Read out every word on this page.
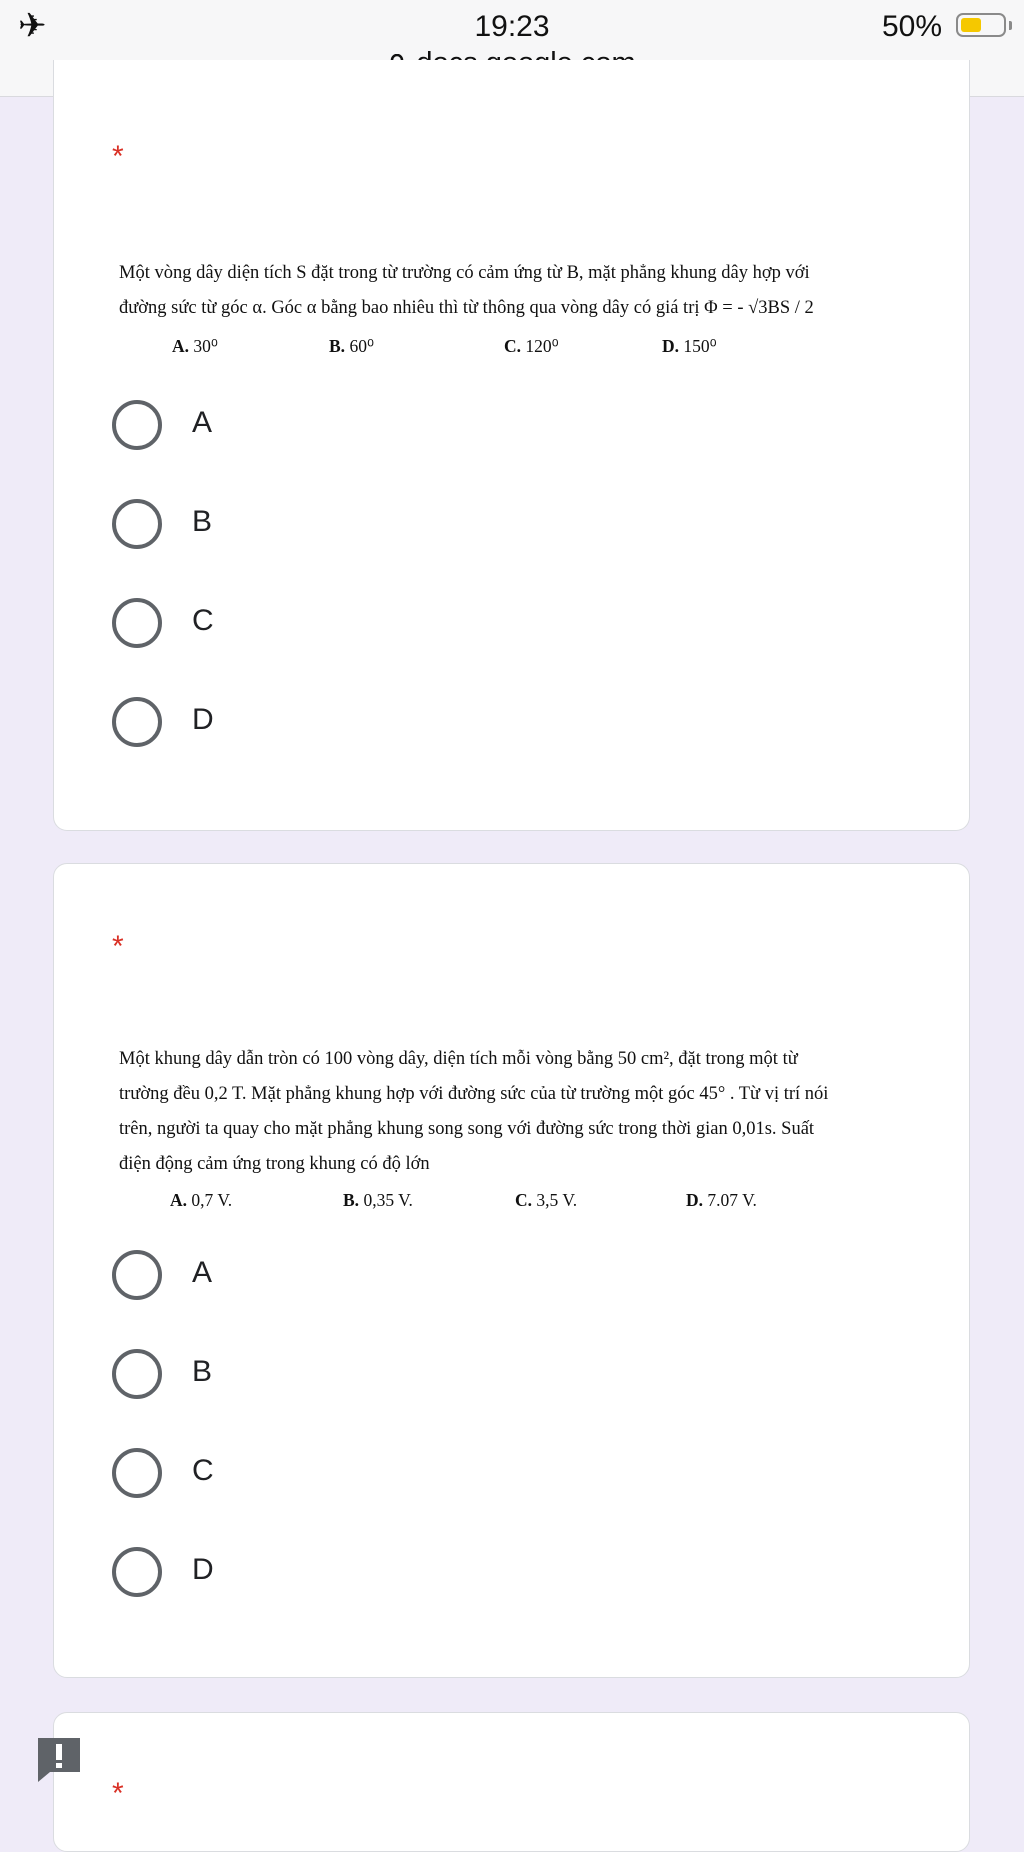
✈	19:23	50%
*
Một vòng dây diện tích S đặt trong từ trường có cảm ứng từ B, mặt phẳng khung dây hợp với
đường sức từ góc α. Góc α bằng bao nhiêu thì từ thông qua vòng dây có giá trị Φ = - √3BS / 2
A. 30⁰	B. 60⁰	C. 120⁰	D. 150⁰
A
B
C
D
*
Một khung dây dẫn tròn có 100 vòng dây, diện tích mỗi vòng bằng 50 cm², đặt trong một từ
trường đều 0,2 T. Mặt phẳng khung hợp với đường sức của từ trường một góc 45° . Từ vị trí nói
trên, người ta quay cho mặt phẳng khung song song với đường sức trong thời gian 0,01s. Suất
điện động cảm ứng trong khung có độ lớn
A. 0,7 V.	B. 0,35 V.	C. 3,5 V.	D. 7.07 V.
A
B
C
D
*
